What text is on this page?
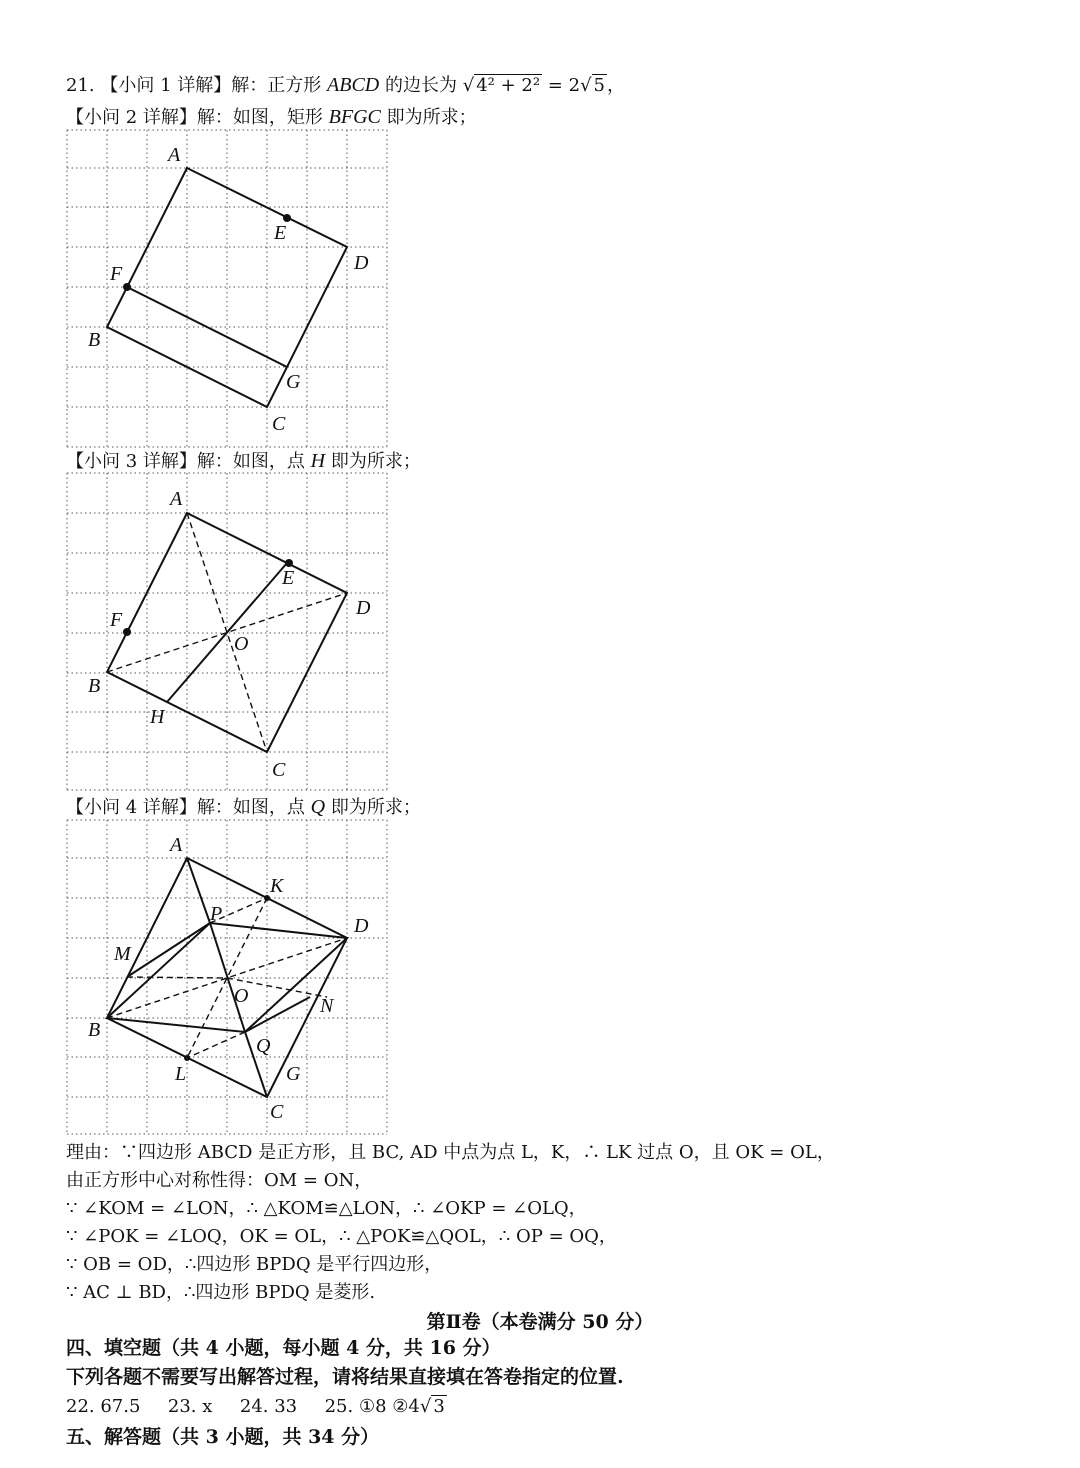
21. 【小问 1 详解】解：正方形 ABCD 的边长为 √ 4² + 2² = 2√ 5 ，
【小问 2 详解】解：如图，矩形 BFGC 即为所求；
A
E
D
F
B
G
C
【小问 3 详解】解：如图，点 H 即为所求；
A
E
D
F
O
B
H
C
【小问 4 详解】解：如图，点 Q 即为所求；
A
K
P
D
M
O	N
B
Q
L	G
C
理由：∵四边形 ABCD 是正方形，且 BC, AD 中点为点 L，K，∴ LK 过点 O，且 OK = OL，
由正方形中心对称性得：OM = ON，
∵ ∠KOM = ∠LON，∴ △KOM≌△LON，∴ ∠OKP = ∠OLQ，
∵ ∠POK = ∠LOQ，OK = OL，∴ △POK≌△QOL，∴ OP = OQ，
∵ OB = OD，∴四边形 BPDQ 是平行四边形，
∵ AC ⊥ BD，∴四边形 BPDQ 是菱形.
第Ⅱ卷（本卷满分 50 分）
四、填空题（共 4 小题，每小题 4 分，共 16 分）
下列各题不需要写出解答过程，请将结果直接填在答卷指定的位置.
22. 67.5 23. x 24. 33 25. ①8 ②4√ 3
五、解答题（共 3 小题，共 34 分）
